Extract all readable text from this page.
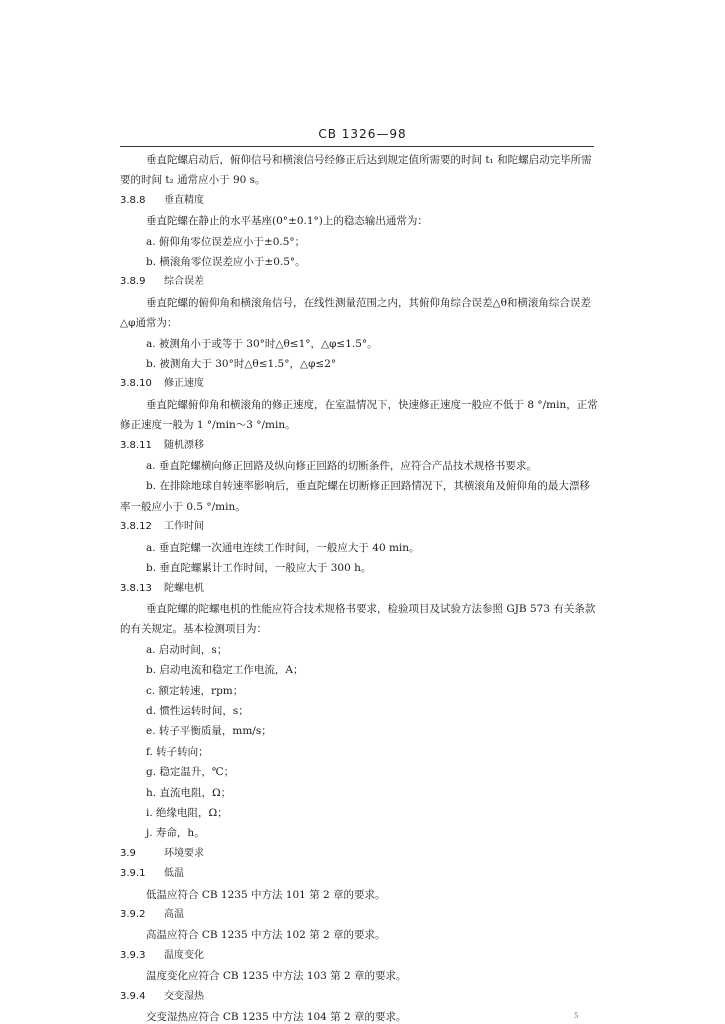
CB 1326—98
垂直陀螺启动后，俯仰信号和横滚信号经修正后达到规定值所需要的时间 t₁ 和陀螺启动完毕所需
要的时间 t₂ 通常应小于 90 s。
3.8.8 垂直精度
垂直陀螺在静止的水平基座(0°±0.1°)上的稳态输出通常为：
a. 俯仰角零位误差应小于±0.5°；
b. 横滚角零位误差应小于±0.5°。
3.8.9 综合误差
垂直陀螺的俯仰角和横滚角信号，在线性测量范围之内，其俯仰角综合误差△θ和横滚角综合误差
△φ通常为：
a. 被测角小于或等于 30°时△θ≤1°，△φ≤1.5°。
b. 被测角大于 30°时△θ≤1.5°，△φ≤2°
3.8.10 修正速度
垂直陀螺俯仰角和横滚角的修正速度，在室温情况下，快速修正速度一般应不低于 8 °/min，正常
修正速度一般为 1 °/min～3 °/min。
3.8.11 随机漂移
a. 垂直陀螺横向修正回路及纵向修正回路的切断条件，应符合产品技术规格书要求。
b. 在排除地球自转速率影响后，垂直陀螺在切断修正回路情况下，其横滚角及俯仰角的最大漂移
率一般应小于 0.5 °/min。
3.8.12 工作时间
a. 垂直陀螺一次通电连续工作时间，一般应大于 40 min。
b. 垂直陀螺累计工作时间，一般应大于 300 h。
3.8.13 陀螺电机
垂直陀螺的陀螺电机的性能应符合技术规格书要求，检验项目及试验方法参照 GJB 573 有关条款
的有关规定。基本检测项目为：
a. 启动时间，s；
b. 启动电流和稳定工作电流，A；
c. 额定转速，rpm；
d. 惯性运转时间，s；
e. 转子平衡质量，mm/s；
f. 转子转向；
g. 稳定温升，℃；
h. 直流电阻，Ω；
i. 绝缘电阻，Ω；
j. 寿命，h。
3.9	环境要求
3.9.1 低温
低温应符合 CB 1235 中方法 101 第 2 章的要求。
3.9.2 高温
高温应符合 CB 1235 中方法 102 第 2 章的要求。
3.9.3 温度变化
温度变化应符合 CB 1235 中方法 103 第 2 章的要求。
3.9.4 交变湿热
交变湿热应符合 CB 1235 中方法 104 第 2 章的要求。	5
